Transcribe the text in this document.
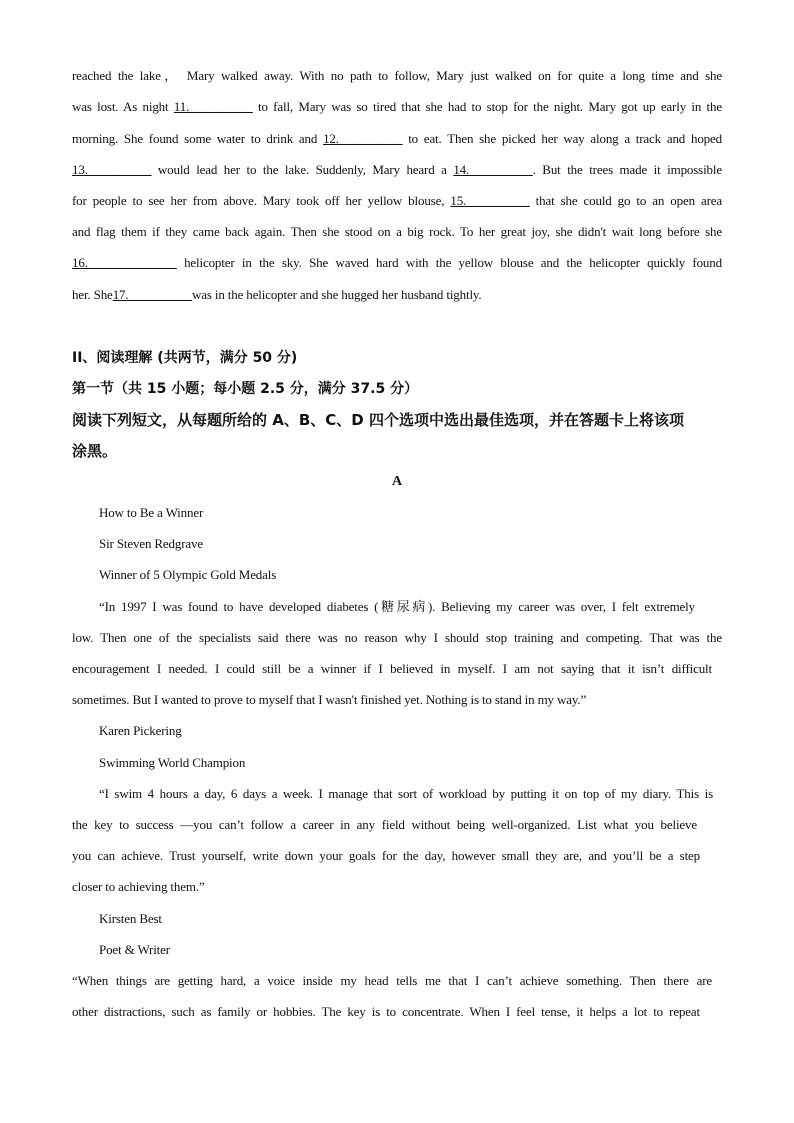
reached the lake， Mary walked away. With no path to follow, Mary just walked on for quite a long time and she
was lost. As night 11.__________ to fall, Mary was so tired that she had to stop for the night. Mary got up early in the
morning. She found some water to drink and 12.__________ to eat. Then she picked her way along a track and hoped
13.__________ would lead her to the lake. Suddenly, Mary heard a 14.__________. But the trees made it impossible
for people to see her from above. Mary took off her yellow blouse, 15.__________ that she could go to an open area
and flag them if they came back again. Then she stood on a big rock. To her great joy, she didn't wait long before she
16.______________ helicopter in the sky. She waved hard with the yellow blouse and the helicopter quickly found
her. She17.__________was in the helicopter and she hugged her husband tightly.
II、阅读理解 (共两节，满分 50 分)
第一节（共 15 小题；每小题 2.5 分，满分 37.5 分）
阅读下列短文，从每题所给的 A、B、C、D 四个选项中选出最佳选项，并在答题卡上将该项
涂黑。
A
How to Be a Winner
Sir Steven Redgrave
Winner of 5 Olympic Gold Medals
“In 1997 I was found to have developed diabetes (糖尿病). Believing my career was over, I felt extremely
low. Then one of the specialists said there was no reason why I should stop training and competing. That was the
encouragement I needed. I could still be a winner if I believed in myself. I am not saying that it isn’t difficult
sometimes. But I wanted to prove to myself that I wasn't finished yet. Nothing is to stand in my way.”
Karen Pickering
Swimming World Champion
“I swim 4 hours a day, 6 days a week. I manage that sort of workload by putting it on top of my diary. This is
the key to success —you can’t follow a career in any field without being well-organized. List what you believe
you can achieve. Trust yourself, write down your goals for the day, however small they are, and you’ll be a step
closer to achieving them.”
Kirsten Best
Poet & Writer
“When things are getting hard, a voice inside my head tells me that I can’t achieve something. Then there are
other distractions, such as family or hobbies. The key is to concentrate. When I feel tense, it helps a lot to repeat
